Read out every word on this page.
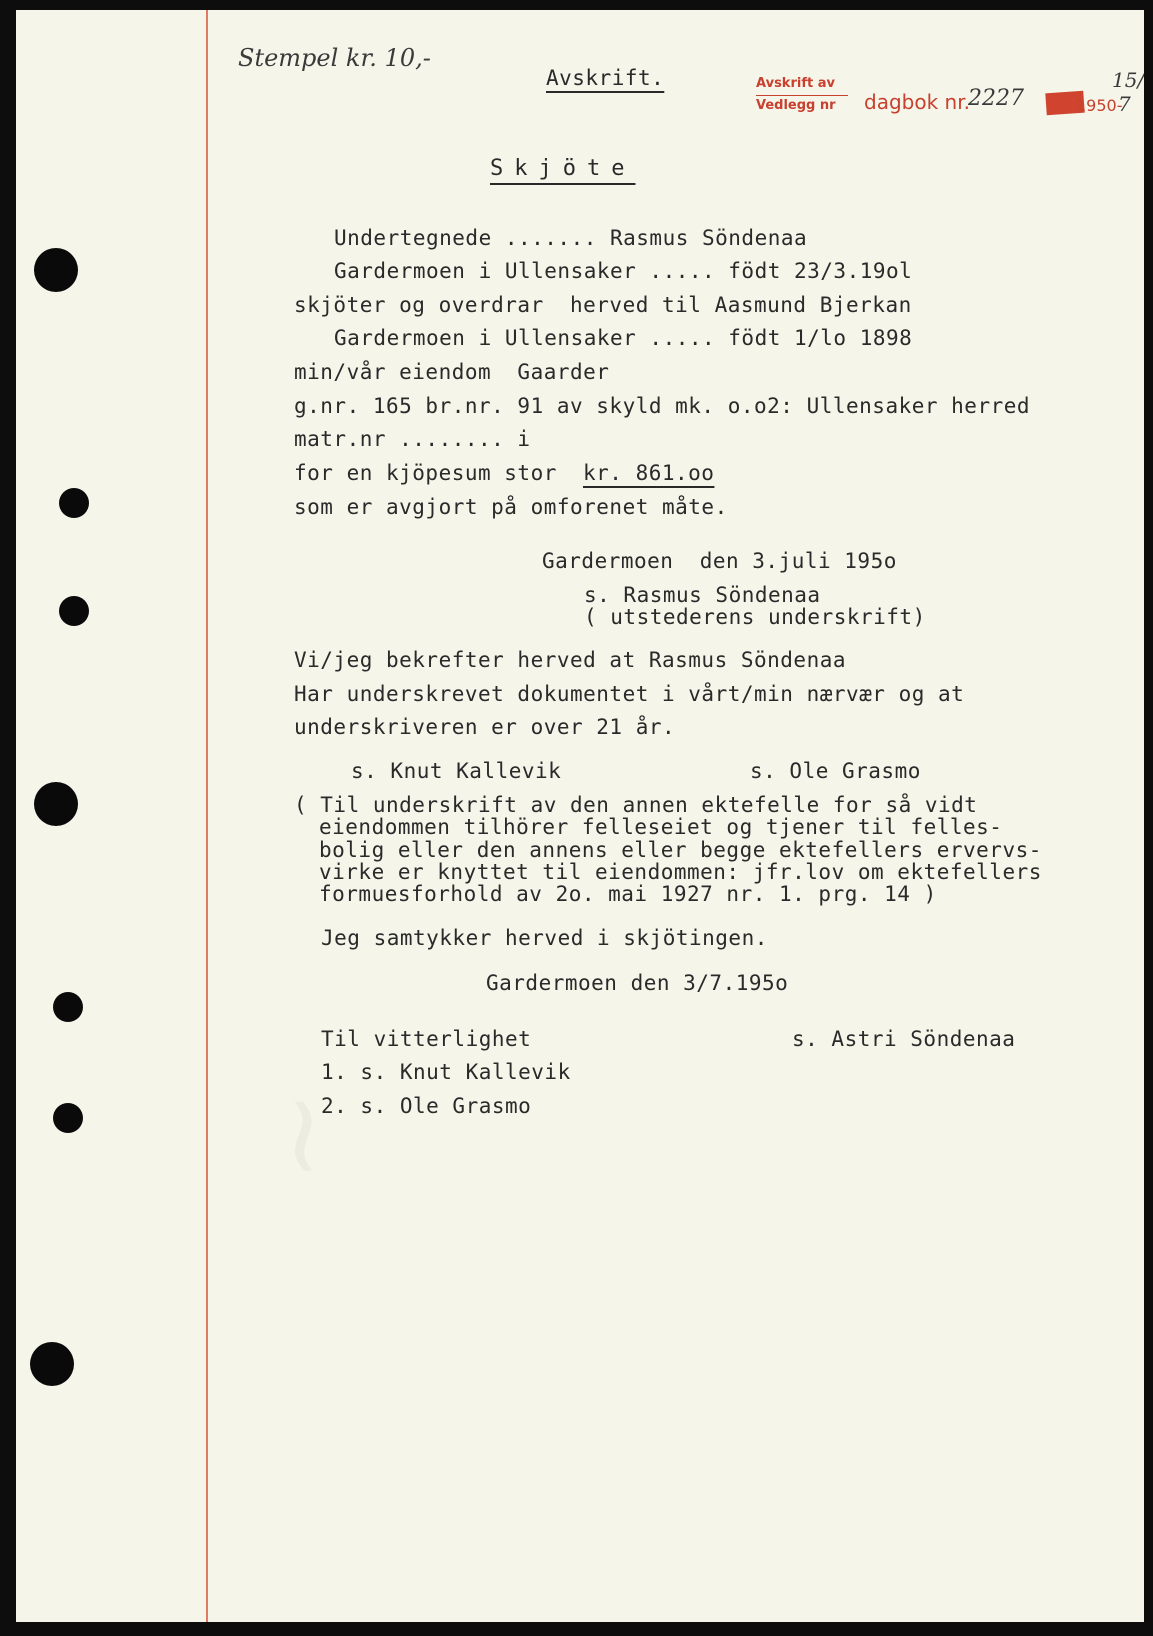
~
Stempel kr. 10,-
Avskrift.	Avskrift av
Vedlegg nr dagbok nr.
2227	1950-
15/
7
Skjöte
Undertegnede ....... Rasmus Söndenaa
Gardermoen i Ullensaker ..... födt 23/3.19ol
skjöter og overdrar  herved til Aasmund Bjerkan
Gardermoen i Ullensaker ..... födt 1/lo 1898
min/vår eiendom  Gaarder
g.nr. 165 br.nr. 91 av skyld mk. o.o2: Ullensaker herred
matr.nr ........ i
for en kjöpesum stor kr. 861.oo
som er avgjort på omforenet måte.
Gardermoen  den 3.juli 195o
s. Rasmus Söndenaa
( utstederens underskrift)
Vi/jeg bekrefter herved at Rasmus Söndenaa
Har underskrevet dokumentet i vårt/min nærvær og at
underskriveren er over 21 år.
s. Knut Kallevik	s. Ole Grasmo
( Til underskrift av den annen ektefelle for så vidt
eiendommen tilhörer felleseiet og tjener til felles-
bolig eller den annens eller begge ektefellers ervervs-
virke er knyttet til eiendommen: jfr.lov om ektefellers
formuesforhold av 2o. mai 1927 nr. 1. prg. 14 )
Jeg samtykker herved i skjötingen.
Gardermoen den 3/7.195o
Til vitterlighet	s. Astri Söndenaa
1. s. Knut Kallevik
2. s. Ole Grasmo
